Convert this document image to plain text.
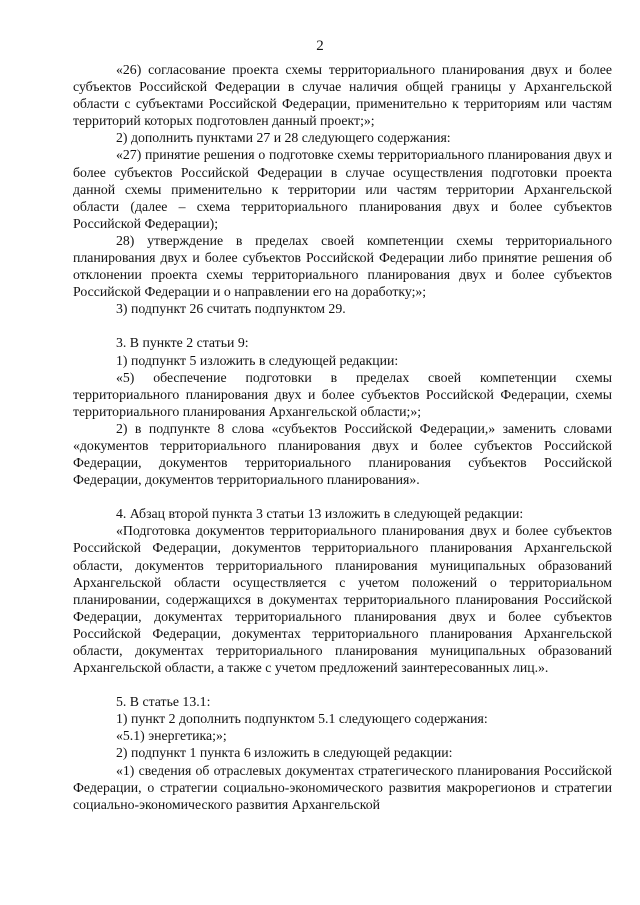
2

«26) согласование проекта схемы территориального планирования двух и более субъектов Российской Федерации в случае наличия общей границы у Архангельской области с субъектами Российской Федерации, применительно к территориям или частям территорий которых подготовлен данный проект;»;

2) дополнить пунктами 27 и 28 следующего содержания:

«27) принятие решения о подготовке схемы территориального планирования двух и более субъектов Российской Федерации в случае осуществления подготовки проекта данной схемы применительно к территории или частям территории Архангельской области (далее – схема территориального планирования двух и более субъектов Российской Федерации);

28) утверждение в пределах своей компетенции схемы территориального планирования двух и более субъектов Российской Федерации либо принятие решения об отклонении проекта схемы территориального планирования двух и более субъектов Российской Федерации и о направлении его на доработку;»;

3) подпункт 26 считать подпунктом 29.

3. В пункте 2 статьи 9:

1) подпункт 5 изложить в следующей редакции:

«5) обеспечение подготовки в пределах своей компетенции схемы территориального планирования двух и более субъектов Российской Федерации, схемы территориального планирования Архангельской области;»;

2) в подпункте 8 слова «субъектов Российской Федерации,» заменить словами «документов территориального планирования двух и более субъектов Российской Федерации, документов территориального планирования субъектов Российской Федерации, документов территориального планирования».

4. Абзац второй пункта 3 статьи 13 изложить в следующей редакции:

«Подготовка документов территориального планирования двух и более субъектов Российской Федерации, документов территориального планирования Архангельской области, документов территориального планирования муниципальных образований Архангельской области осуществляется с учетом положений о территориальном планировании, содержащихся в документах территориального планирования Российской Федерации, документах территориального планирования двух и более субъектов Российской Федерации, документах территориального планирования Архангельской области, документах территориального планирования муниципальных образований Архангельской области, а также с учетом предложений заинтересованных лиц.».

5. В статье 13.1:

1) пункт 2 дополнить подпунктом 5.1 следующего содержания:

«5.1) энергетика;»;

2) подпункт 1 пункта 6 изложить в следующей редакции:

«1) сведения об отраслевых документах стратегического планирования Российской Федерации, о стратегии социально-экономического развития макрорегионов и стратегии социально-экономического развития Архангельской
